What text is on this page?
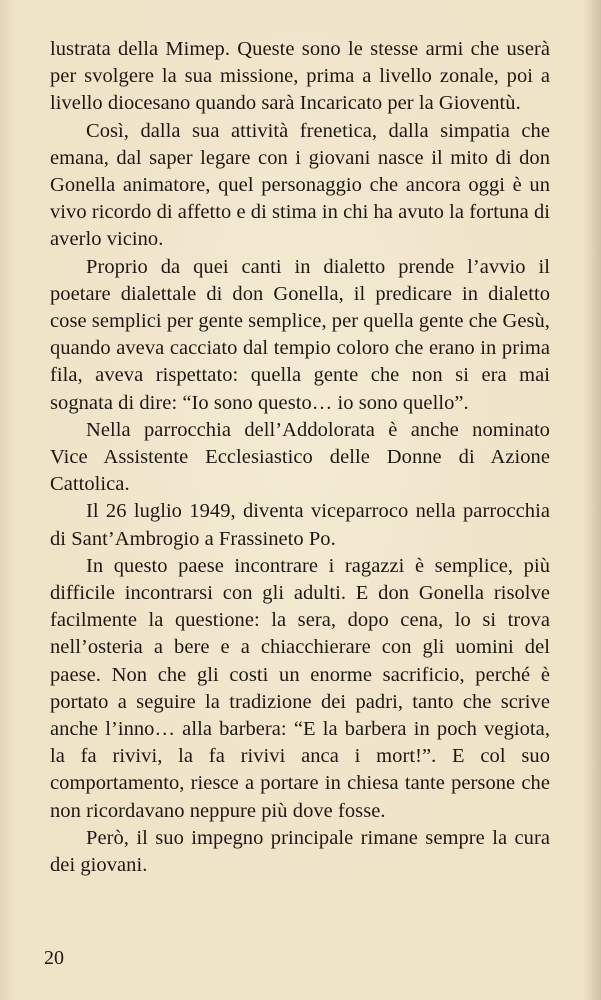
lustrata della Mimep. Queste sono le stesse armi che userà per svolgere la sua missione, prima a livello zonale, poi a livello diocesano quando sarà Incaricato per la Gioventù.

Così, dalla sua attività frenetica, dalla simpatia che emana, dal saper legare con i giovani nasce il mito di don Gonella animatore, quel personaggio che ancora oggi è un vivo ricordo di affetto e di stima in chi ha avuto la fortuna di averlo vicino.

Proprio da quei canti in dialetto prende l’avvio il poetare dialettale di don Gonella, il predicare in dialetto cose semplici per gente semplice, per quella gente che Gesù, quando aveva cacciato dal tempio coloro che erano in prima fila, aveva rispettato: quella gente che non si era mai sognata di dire: “Io sono questo… io sono quello”.

Nella parrocchia dell’Addolorata è anche nominato Vice Assistente Ecclesiastico delle Donne di Azione Cattolica.

Il 26 luglio 1949, diventa viceparroco nella parrocchia di Sant’Ambrogio a Frassineto Po.

In questo paese incontrare i ragazzi è semplice, più difficile incontrarsi con gli adulti. E don Gonella risolve facilmente la questione: la sera, dopo cena, lo si trova nell’osteria a bere e a chiacchierare con gli uomini del paese. Non che gli costi un enorme sacrificio, perché è portato a seguire la tradizione dei padri, tanto che scrive anche l’inno… alla barbera: “E la barbera in poch vegiota, la fa rivivi, la fa rivivi anca i mort!”. E col suo comportamento, riesce a portare in chiesa tante persone che non ricordavano neppure più dove fosse.

Però, il suo impegno principale rimane sempre la cura dei giovani.

20
